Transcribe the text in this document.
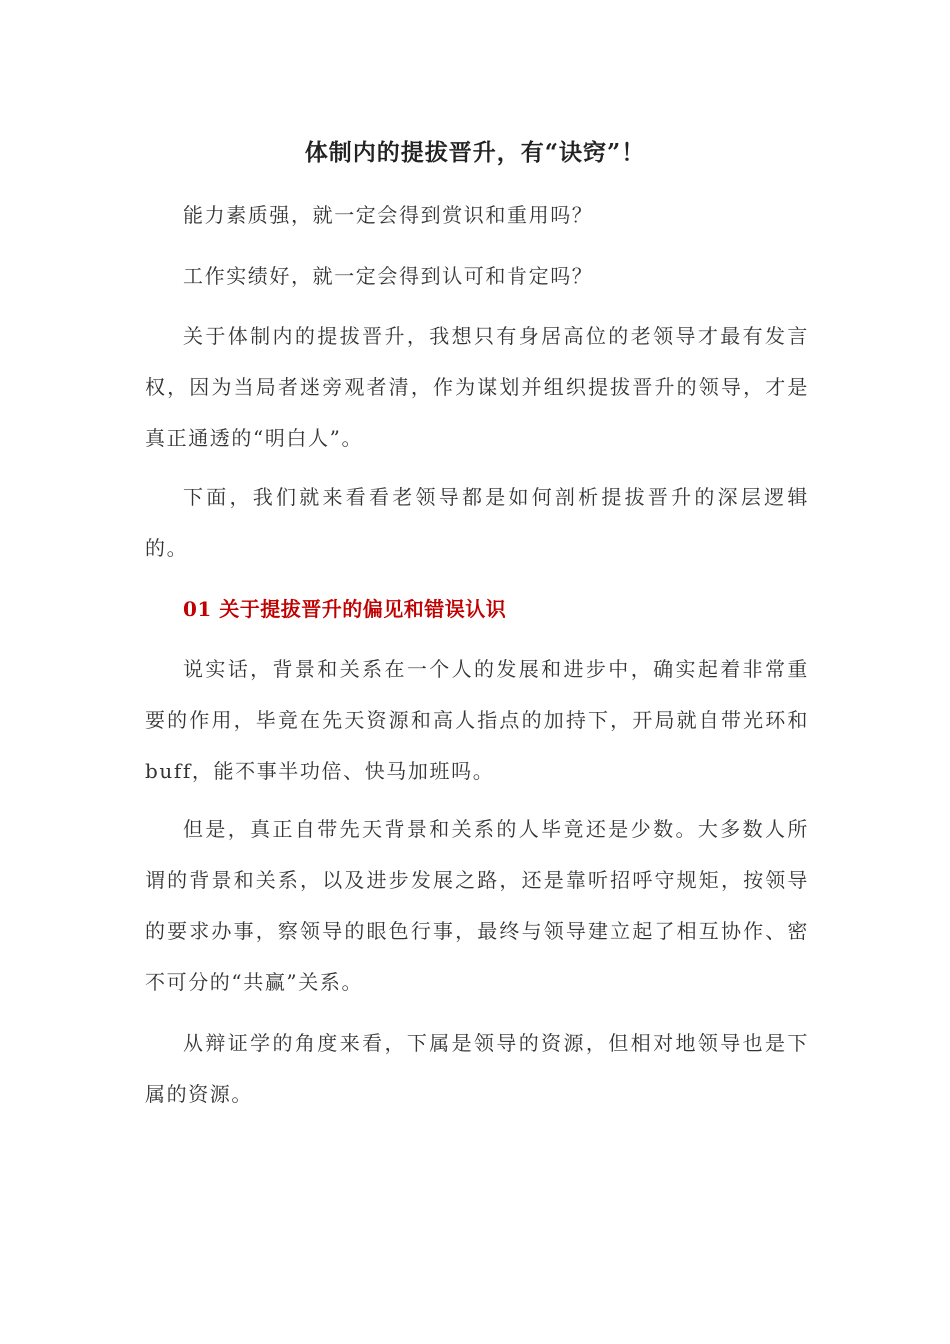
体制内的提拔晋升，有“诀窍”！

能力素质强，就一定会得到赏识和重用吗？

工作实绩好，就一定会得到认可和肯定吗？

关于体制内的提拔晋升，我想只有身居高位的老领导才最有发言权，因为当局者迷旁观者清，作为谋划并组织提拔晋升的领导，才是真正通透的“明白人”。

下面，我们就来看看老领导都是如何剖析提拔晋升的深层逻辑的。

01 关于提拔晋升的偏见和错误认识

说实话，背景和关系在一个人的发展和进步中，确实起着非常重要的作用，毕竟在先天资源和高人指点的加持下，开局就自带光环和buff，能不事半功倍、快马加班吗。

但是，真正自带先天背景和关系的人毕竟还是少数。大多数人所谓的背景和关系，以及进步发展之路，还是靠听招呼守规矩，按领导的要求办事，察领导的眼色行事，最终与领导建立起了相互协作、密不可分的“共赢”关系。

从辩证学的角度来看，下属是领导的资源，但相对地领导也是下属的资源。
